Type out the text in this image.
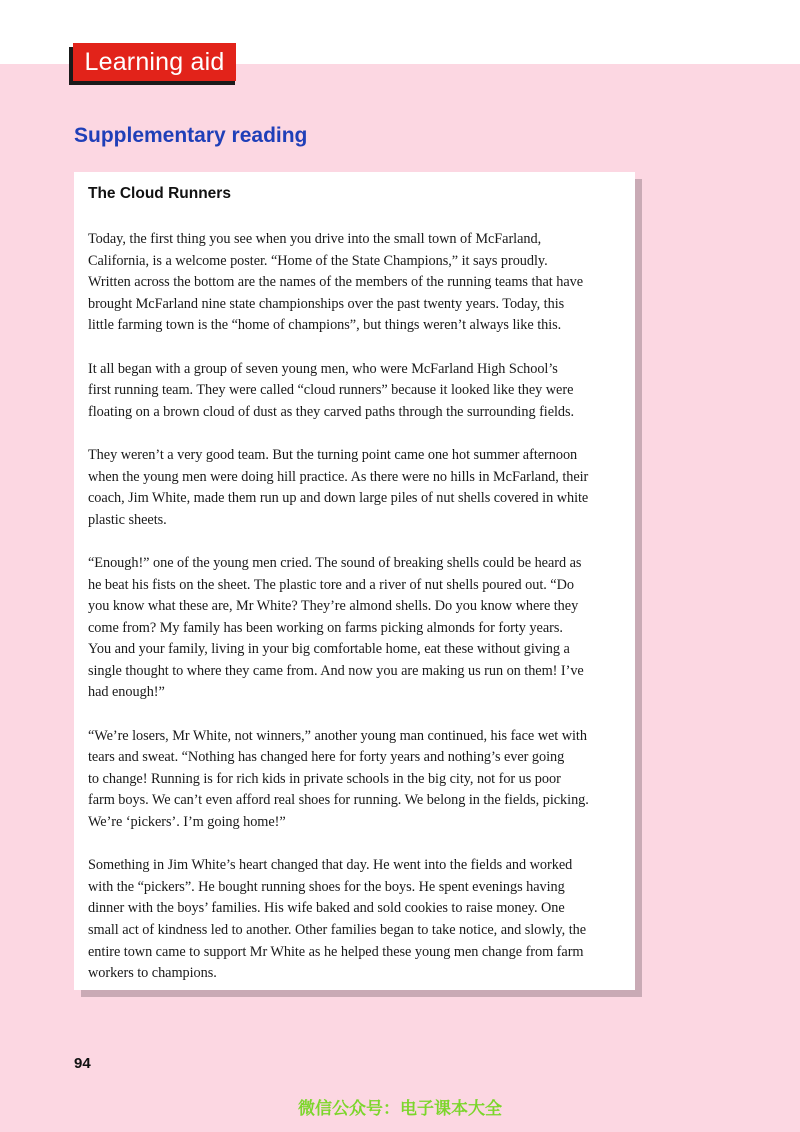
Learning aid
Supplementary reading
The Cloud Runners

Today, the first thing you see when you drive into the small town of McFarland,
California, is a welcome poster. “Home of the State Champions,” it says proudly.
Written across the bottom are the names of the members of the running teams that have
brought McFarland nine state championships over the past twenty years. Today, this
little farming town is the “home of champions”, but things weren’t always like this.

It all began with a group of seven young men, who were McFarland High School’s
first running team. They were called “cloud runners” because it looked like they were
floating on a brown cloud of dust as they carved paths through the surrounding fields.

They weren’t a very good team. But the turning point came one hot summer afternoon
when the young men were doing hill practice. As there were no hills in McFarland, their
coach, Jim White, made them run up and down large piles of nut shells covered in white
plastic sheets.

“Enough!” one of the young men cried. The sound of breaking shells could be heard as
he beat his fists on the sheet. The plastic tore and a river of nut shells poured out. “Do
you know what these are, Mr White? They’re almond shells. Do you know where they
come from? My family has been working on farms picking almonds for forty years.
You and your family, living in your big comfortable home, eat these without giving a
single thought to where they came from. And now you are making us run on them! I’ve
had enough!”

“We’re losers, Mr White, not winners,” another young man continued, his face wet with
tears and sweat. “Nothing has changed here for forty years and nothing’s ever going
to change! Running is for rich kids in private schools in the big city, not for us poor
farm boys. We can’t even afford real shoes for running. We belong in the fields, picking.
We’re ‘pickers’. I’m going home!”

Something in Jim White’s heart changed that day. He went into the fields and worked
with the “pickers”. He bought running shoes for the boys. He spent evenings having
dinner with the boys’ families. His wife baked and sold cookies to raise money. One
small act of kindness led to another. Other families began to take notice, and slowly, the
entire town came to support Mr White as he helped these young men change from farm
workers to champions.

94
微信公众号：电子课本大全
